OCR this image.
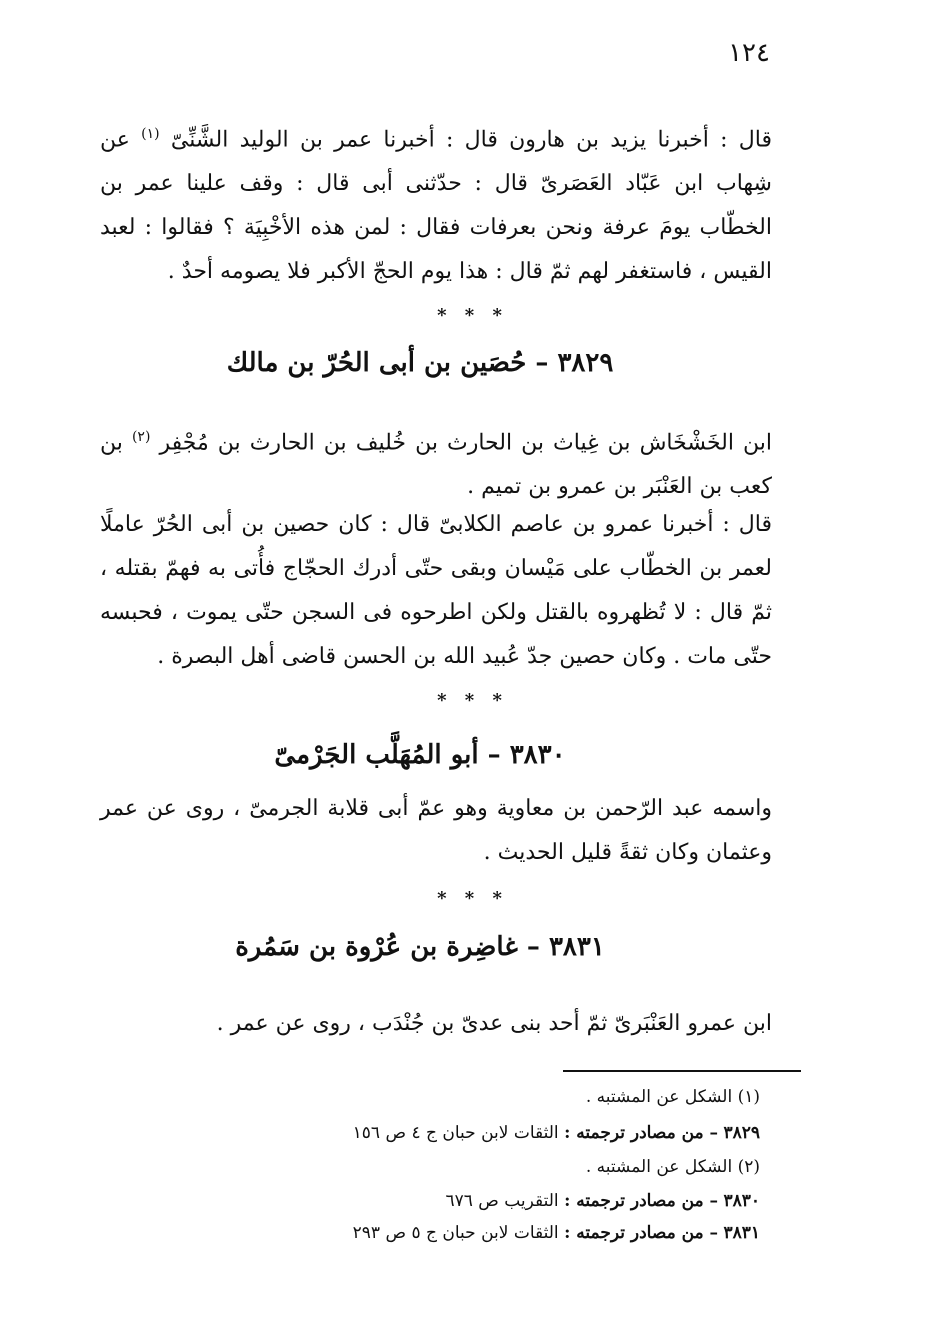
١٢٤
قال : أخبرنا يزيد بن هارون قال : أخبرنا عمر بن الوليد الشَّنِّىّ $^{(١)}$ عن شِهاب ابن عَبّاد العَصَرىّ قال : حدّثنى أبى قال : وقف علينا عمر بن الخطّاب يومَ عرفة ونحن بعرفات فقال : لمن هذه الأخْبِيَة ؟ فقالوا : لعبد القيس ، فاستغفر لهم ثمّ قال : هذا يوم الحجّ الأكبر فلا يصومه أحدٌ .
* * *
٣٨٢٩ – حُصَين بن أبى الحُرّ بن مالك
ابن الخَشْخَاش بن غِياث بن الحارث بن خُليف بن الحارث بن مُجْفِر $^{(٢)}$ بن كعب بن العَنْبَر بن عمرو بن تميم .
قال : أخبرنا عمرو بن عاصم الكلابىّ قال : كان حصين بن أبى الحُرّ عاملًا لعمر بن الخطّاب على مَيْسان وبقى حتّى أدرك الحجّاج فأُتى به فهمّ بقتله ، ثمّ قال : لا تُظهروه بالقتل ولكن اطرحوه فى السجن حتّى يموت ، فحبسه حتّى مات . وكان حصين جدّ عُبيد الله بن الحسن قاضى أهل البصرة .
* * *
٣٨٣٠ – أبو المُهَلَّب الجَرْمىّ
واسمه عبد الرّحمن بن معاوية وهو عمّ أبى قلابة الجرمىّ ، روى عن عمر وعثمان وكان ثقةً قليل الحديث .
* * *
٣٨٣١ – غاضِرة بن عُرْوة بن سَمُرة
ابن عمرو العَنْبَرىّ ثمّ أحد بنى عدىّ بن جُنْدَب ، روى عن عمر .
(١) الشكل عن المشتبه .
٣٨٢٩ – من مصادر ترجمته : الثقات لابن حبان ج ٤ ص ١٥٦
(٢) الشكل عن المشتبه .
٣٨٣٠ – من مصادر ترجمته : التقريب ص ٦٧٦
٣٨٣١ – من مصادر ترجمته : الثقات لابن حبان ج ٥ ص ٢٩٣
